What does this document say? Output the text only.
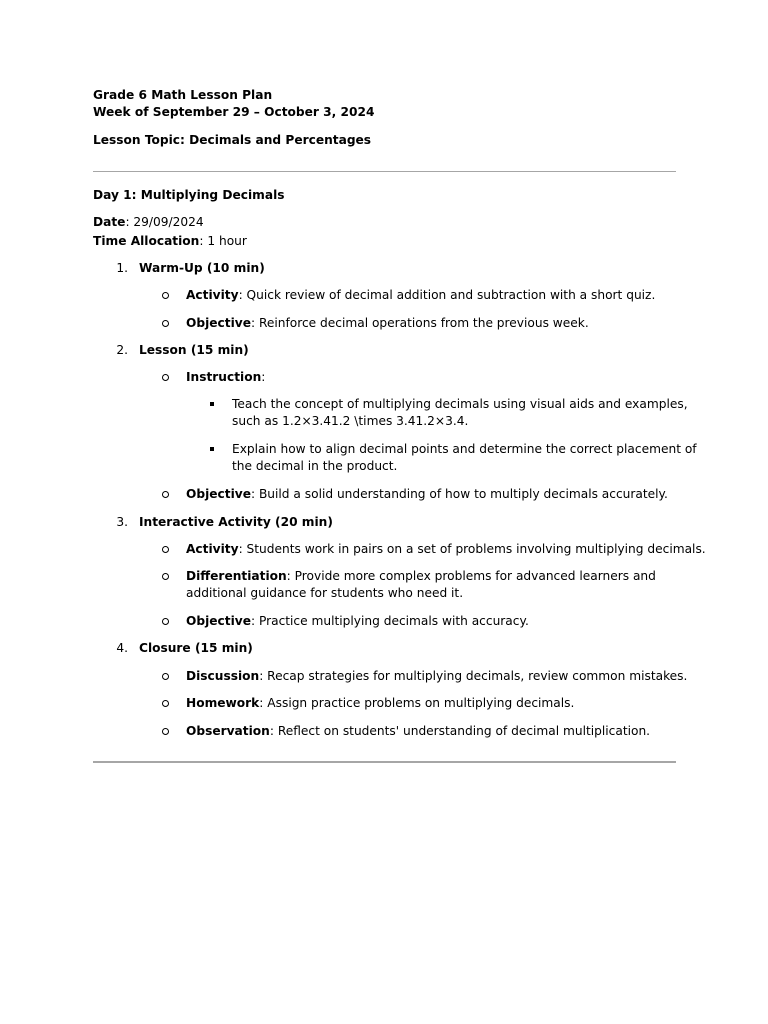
Grade 6 Math Lesson Plan
Week of September 29 – October 3, 2024
Lesson Topic: Decimals and Percentages
Day 1: Multiplying Decimals
Date: 29/09/2024
Time Allocation: 1 hour
1. Warm-Up (10 min)
Activity: Quick review of decimal addition and subtraction with a short quiz.
Objective: Reinforce decimal operations from the previous week.
2. Lesson (15 min)
Instruction:
Teach the concept of multiplying decimals using visual aids and examples,
such as 1.2×3.41.2 \times 3.41.2×3.4.
Explain how to align decimal points and determine the correct placement of
the decimal in the product.
Objective: Build a solid understanding of how to multiply decimals accurately.
3. Interactive Activity (20 min)
Activity: Students work in pairs on a set of problems involving multiplying decimals.
Differentiation: Provide more complex problems for advanced learners and
additional guidance for students who need it.
Objective: Practice multiplying decimals with accuracy.
4. Closure (15 min)
Discussion: Recap strategies for multiplying decimals, review common mistakes.
Homework: Assign practice problems on multiplying decimals.
Observation: Reflect on students' understanding of decimal multiplication.
